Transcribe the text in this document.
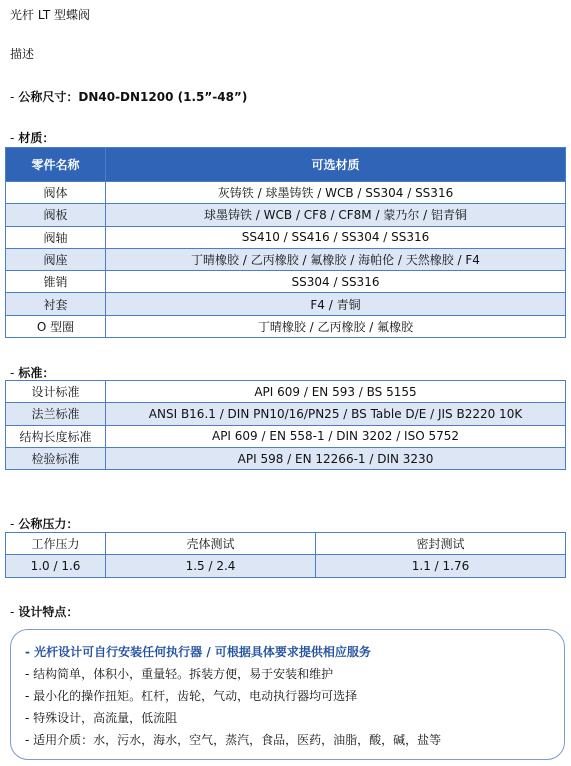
光杆 LT 型蝶阀
描述
- 公称尺寸：DN40-DN1200 (1.5”-48”)
- 材质：
零件名称	可选材质
阀体	灰铸铁 / 球墨铸铁 / WCB / SS304 / SS316
阀板	球墨铸铁 / WCB / CF8 / CF8M / 蒙乃尔 / 铝青铜
阀轴	SS410 / SS416 / SS304 / SS316
阀座	丁晴橡胶 / 乙丙橡胶 / 氟橡胶 / 海帕伦 / 天然橡胶 / F4
锥销	SS304 / SS316
衬套	F4 / 青铜
O 型圈	丁晴橡胶 / 乙丙橡胶 / 氟橡胶
- 标准：
设计标准	API 609 / EN 593 / BS 5155
法兰标准	ANSI B16.1 / DIN PN10/16/PN25 / BS Table D/E / JIS B2220 10K
结构长度标准	API 609 / EN 558-1 / DIN 3202 / ISO 5752
检验标准	API 598 / EN 12266-1 / DIN 3230
- 公称压力：
工作压力	壳体测试	密封测试
1.0 / 1.6	1.5 / 2.4	1.1 / 1.76
- 设计特点：
- 光杆设计可自行安装任何执行器 / 可根据具体要求提供相应服务
- 结构简单，体积小，重量轻。拆装方便，易于安装和维护
- 最小化的操作扭矩。杠杆，齿轮，气动，电动执行器均可选择
- 特殊设计，高流量，低流阻
- 适用介质：水，污水，海水，空气，蒸汽，食品，医药，油脂，酸，碱，盐等
